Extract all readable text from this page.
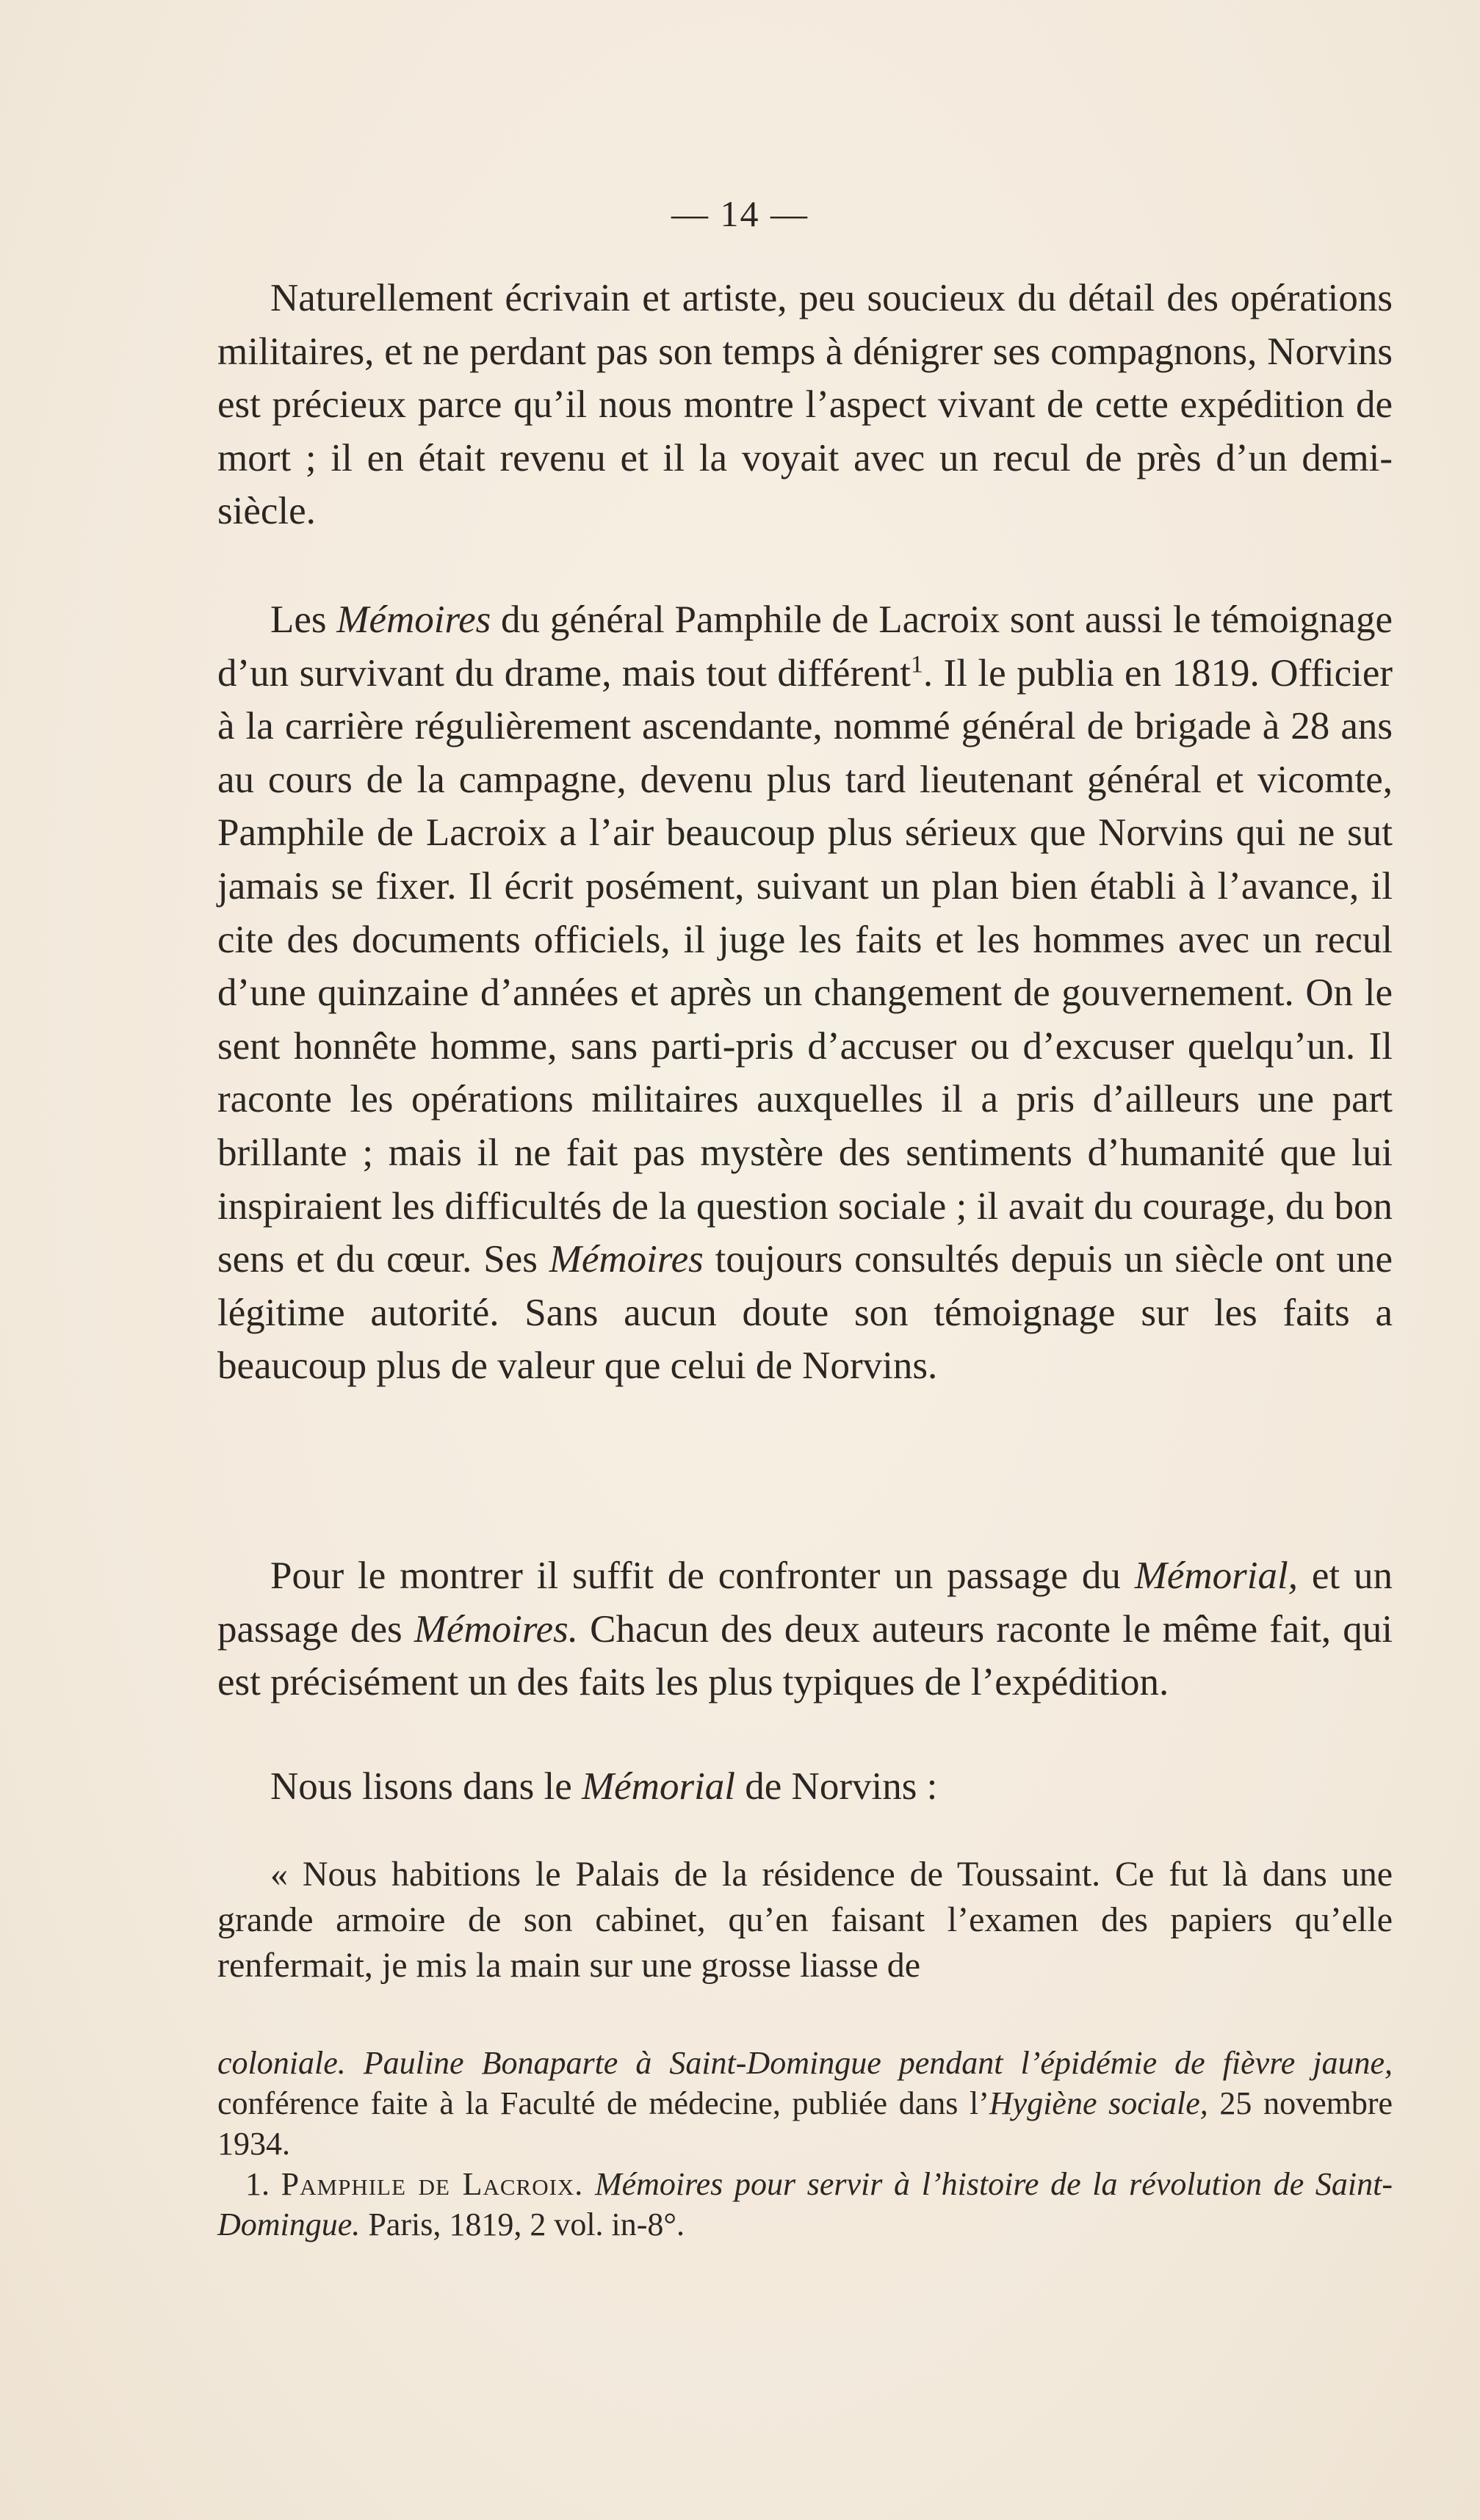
— 14 —

Naturellement écrivain et artiste, peu soucieux du détail des opérations militaires, et ne perdant pas son temps à dénigrer ses compagnons, Norvins est précieux parce qu’il nous montre l’aspect vivant de cette expédition de mort ; il en était revenu et il la voyait avec un recul de près d’un demi-siècle.

Les Mémoires du général Pamphile de Lacroix sont aussi le témoignage d’un survivant du drame, mais tout différent$^1$. Il le publia en 1819. Officier à la carrière régulièrement ascendante, nommé général de brigade à 28 ans au cours de la campagne, devenu plus tard lieutenant général et vicomte, Pamphile de Lacroix a l’air beaucoup plus sérieux que Norvins qui ne sut jamais se fixer. Il écrit posément, suivant un plan bien établi à l’avance, il cite des documents officiels, il juge les faits et les hommes avec un recul d’une quinzaine d’années et après un changement de gouvernement. On le sent honnête homme, sans parti-pris d’accuser ou d’excuser quelqu’un. Il raconte les opérations militaires auxquelles il a pris d’ailleurs une part brillante ; mais il ne fait pas mystère des sentiments d’humanité que lui inspiraient les difficultés de la question sociale ; il avait du courage, du bon sens et du cœur. Ses Mémoires toujours consultés depuis un siècle ont une légitime autorité. Sans aucun doute son témoignage sur les faits a beaucoup plus de valeur que celui de Norvins.

Pour le montrer il suffit de confronter un passage du Mémorial, et un passage des Mémoires. Chacun des deux auteurs raconte le même fait, qui est précisément un des faits les plus typiques de l’expédition.

Nous lisons dans le Mémorial de Norvins :

« Nous habitions le Palais de la résidence de Toussaint. Ce fut là dans une grande armoire de son cabinet, qu’en faisant l’examen des papiers qu’elle renfermait, je mis la main sur une grosse liasse de

coloniale. Pauline Bonaparte à Saint-Domingue pendant l’épidémie de fièvre jaune, conférence faite à la Faculté de médecine, publiée dans l’Hygiène sociale, 25 novembre 1934.

1. Pamphile de Lacroix. Mémoires pour servir à l’histoire de la révolution de Saint-Domingue. Paris, 1819, 2 vol. in-8°.
